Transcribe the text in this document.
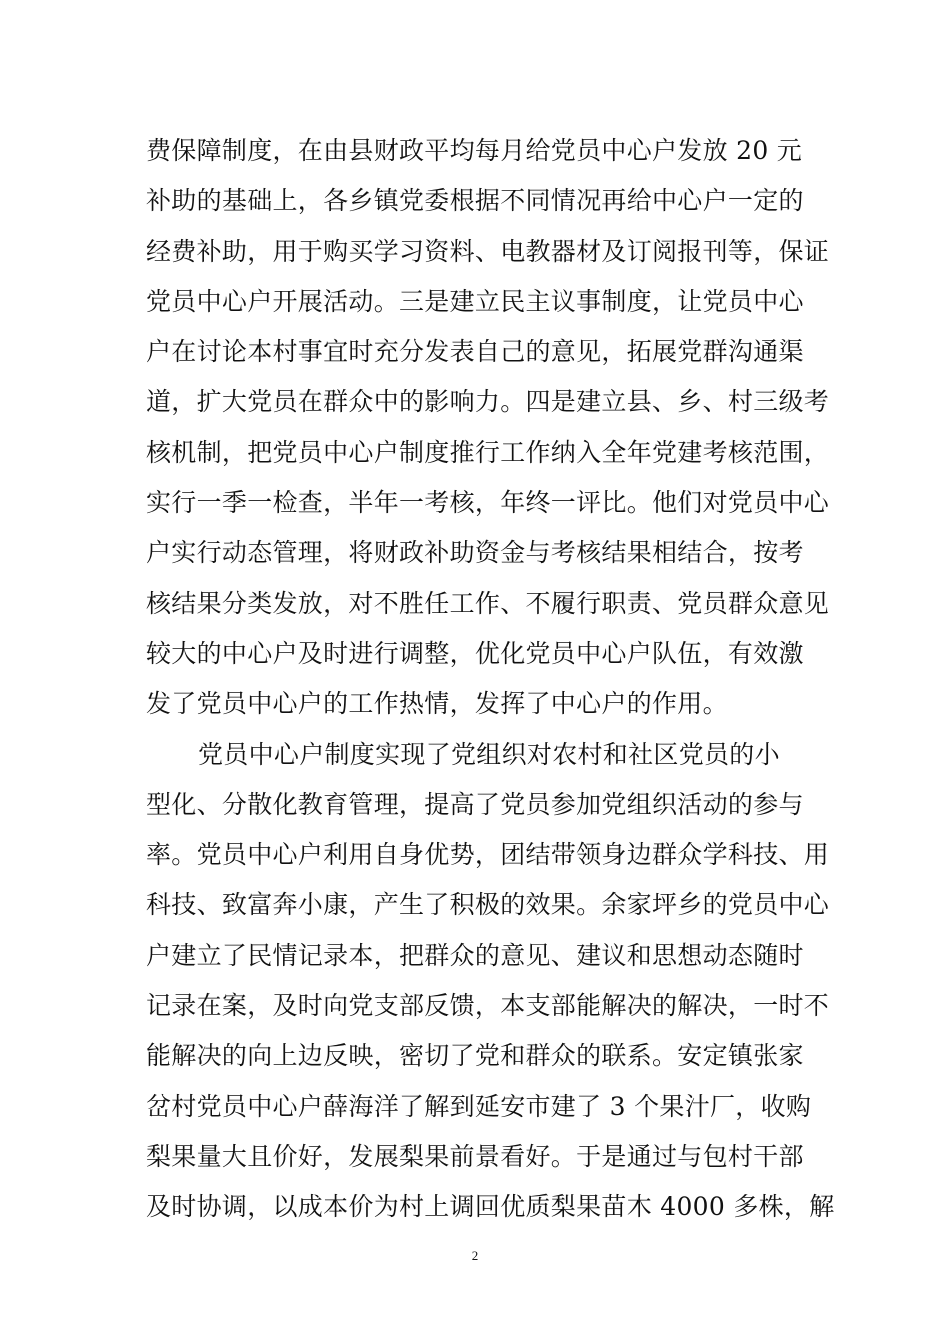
费保障制度，在由县财政平均每月给党员中心户发放 20 元
补助的基础上，各乡镇党委根据不同情况再给中心户一定的
经费补助，用于购买学习资料、电教器材及订阅报刊等，保证
党员中心户开展活动。三是建立民主议事制度，让党员中心
户在讨论本村事宜时充分发表自己的意见，拓展党群沟通渠
道，扩大党员在群众中的影响力。四是建立县、乡、村三级考
核机制，把党员中心户制度推行工作纳入全年党建考核范围，
实行一季一检查，半年一考核，年终一评比。他们对党员中心
户实行动态管理，将财政补助资金与考核结果相结合，按考
核结果分类发放，对不胜任工作、不履行职责、党员群众意见
较大的中心户及时进行调整，优化党员中心户队伍，有效激
发了党员中心户的工作热情，发挥了中心户的作用。
党员中心户制度实现了党组织对农村和社区党员的小
型化、分散化教育管理，提高了党员参加党组织活动的参与
率。党员中心户利用自身优势，团结带领身边群众学科技、用
科技、致富奔小康，产生了积极的效果。余家坪乡的党员中心
户建立了民情记录本，把群众的意见、建议和思想动态随时
记录在案，及时向党支部反馈，本支部能解决的解决，一时不
能解决的向上边反映，密切了党和群众的联系。安定镇张家
岔村党员中心户薛海洋了解到延安市建了 3 个果汁厂，收购
梨果量大且价好，发展梨果前景看好。于是通过与包村干部
及时协调，以成本价为村上调回优质梨果苗木 4000 多株，解
2
